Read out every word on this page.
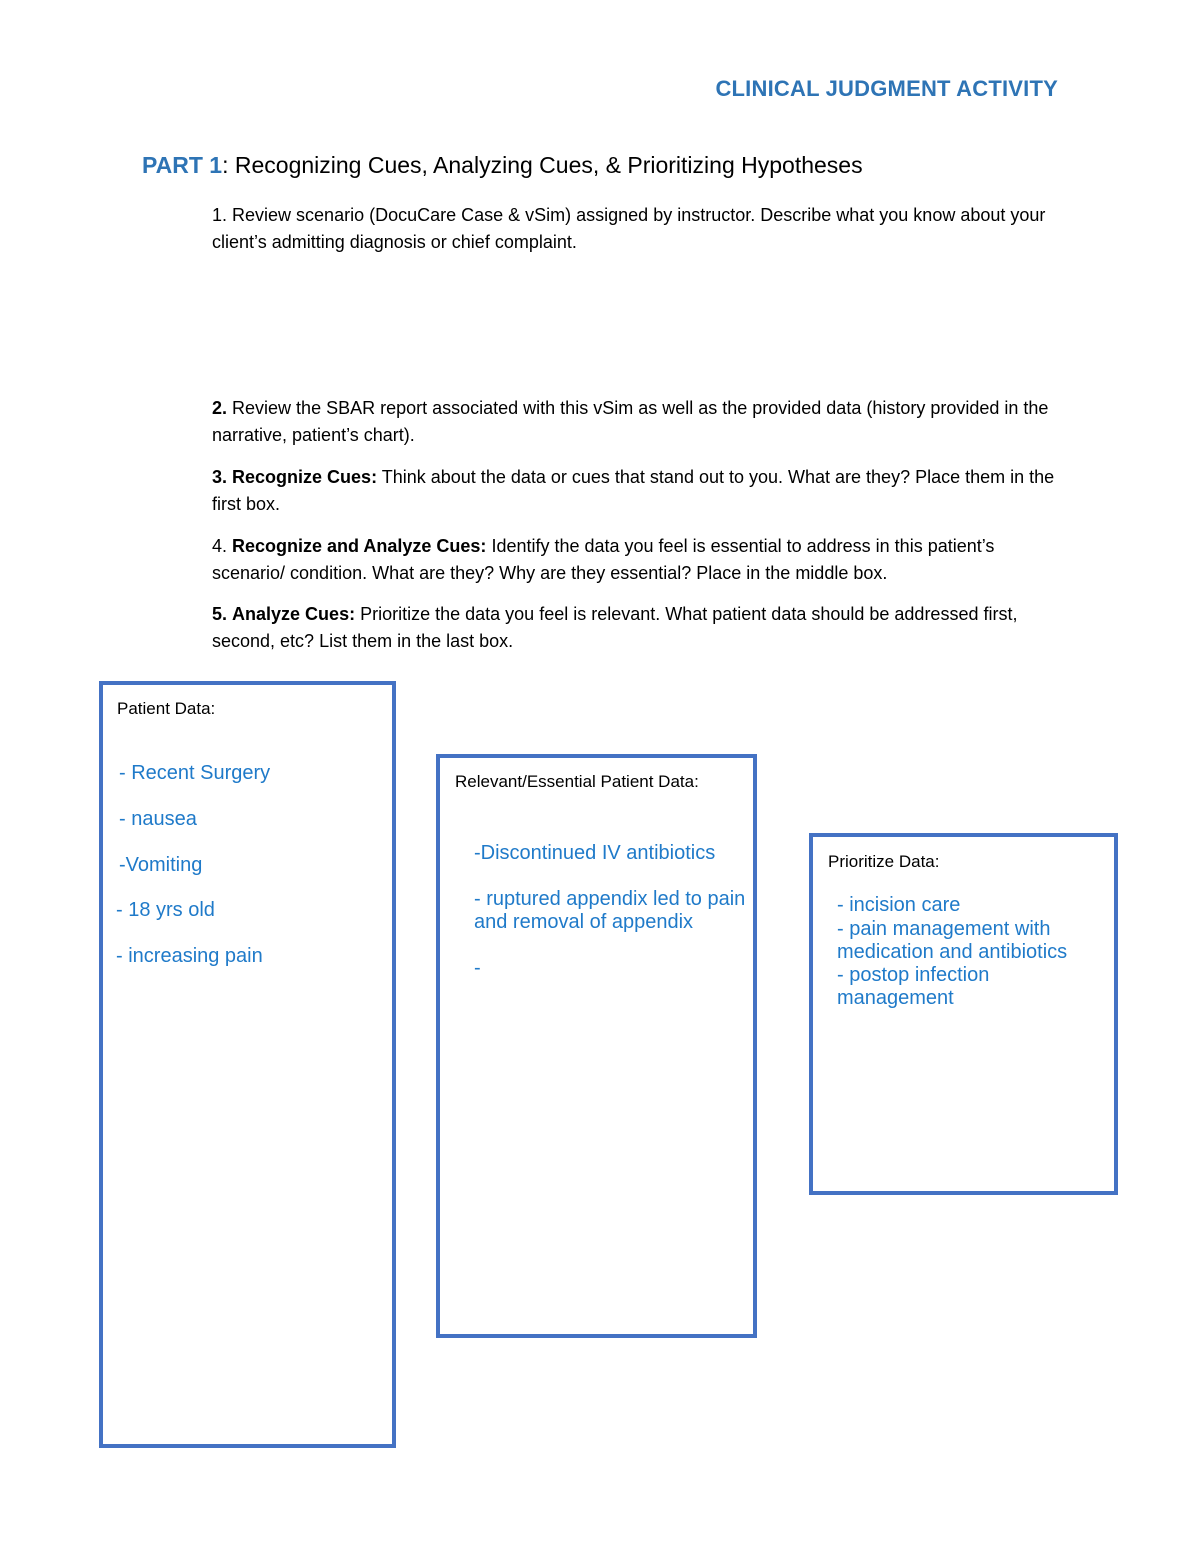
CLINICAL JUDGMENT ACTIVITY
PART 1: Recognizing Cues, Analyzing Cues, & Prioritizing Hypotheses
1. Review scenario (DocuCare Case & vSim) assigned by instructor. Describe what you know about your client’s admitting diagnosis or chief complaint.
2. Review the SBAR report associated with this vSim as well as the provided data (history provided in the narrative, patient’s chart).
3. Recognize Cues: Think about the data or cues that stand out to you. What are they? Place them in the first box.
4. Recognize and Analyze Cues: Identify the data you feel is essential to address in this patient’s scenario/ condition. What are they? Why are they essential? Place in the middle box.
5. Analyze Cues: Prioritize the data you feel is relevant. What patient data should be addressed first, second, etc? List them in the last box.
Patient Data:
- Recent Surgery
- nausea
-Vomiting
- 18 yrs old
- increasing pain
Relevant/Essential Patient Data:
-Discontinued IV antibiotics
- ruptured appendix led to pain and removal of appendix
-
Prioritize Data:
- incision care
- pain management with medication and antibiotics
- postop infection management
